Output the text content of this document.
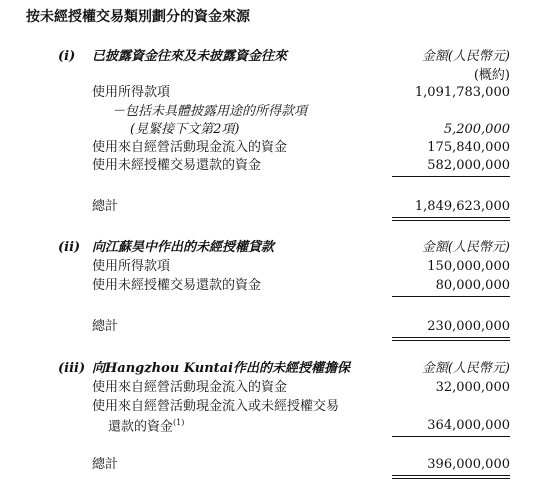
按未經授權交易類別劃分的資金來源
(i) 已披露資金往來及未披露資金往來	金額(人民幣元)
(概約)
使用所得款項	1,091,783,000
－包括未具體披露用途的所得款項
(見緊接下文第2項)	5,200,000
使用來自經營活動現金流入的資金	175,840,000
使用未經授權交易還款的資金	582,000,000
總計	1,849,623,000
(ii) 向江蘇昊中作出的未經授權貸款	金額(人民幣元)
使用所得款項	150,000,000
使用未經授權交易還款的資金	80,000,000
總計	230,000,000
(iii) 向Hangzhou Kuntai作出的未經授權擔保	金額(人民幣元)
使用來自經營活動現金流入的資金	32,000,000
使用來自經營活動現金流入或未經授權交易
還款的資金$^{(1)}$	364,000,000
總計	396,000,000
